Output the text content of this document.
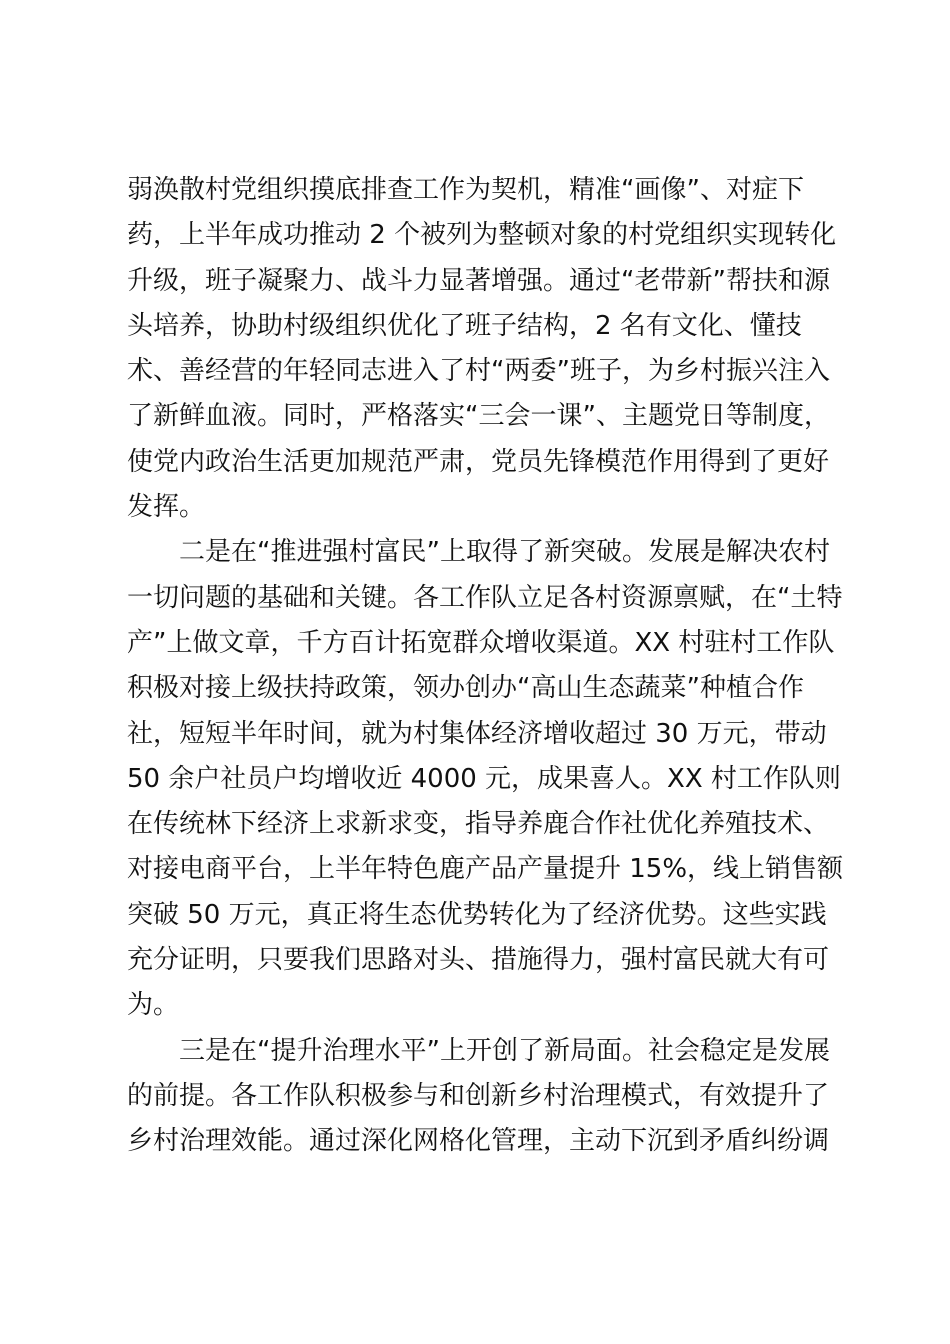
弱涣散村党组织摸底排查工作为契机，精准“画像”、对症下
药，上半年成功推动 2 个被列为整顿对象的村党组织实现转化
升级，班子凝聚力、战斗力显著增强。通过“老带新”帮扶和源
头培养，协助村级组织优化了班子结构，2 名有文化、懂技
术、善经营的年轻同志进入了村“两委”班子，为乡村振兴注入
了新鲜血液。同时，严格落实“三会一课”、主题党日等制度，
使党内政治生活更加规范严肃，党员先锋模范作用得到了更好
发挥。
　　二是在“推进强村富民”上取得了新突破。发展是解决农村
一切问题的基础和关键。各工作队立足各村资源禀赋，在“土特
产”上做文章，千方百计拓宽群众增收渠道。XX 村驻村工作队
积极对接上级扶持政策，领办创办“高山生态蔬菜”种植合作
社，短短半年时间，就为村集体经济增收超过 30 万元，带动
50 余户社员户均增收近 4000 元，成果喜人。XX 村工作队则
在传统林下经济上求新求变，指导养鹿合作社优化养殖技术、
对接电商平台，上半年特色鹿产品产量提升 15%，线上销售额
突破 50 万元，真正将生态优势转化为了经济优势。这些实践
充分证明，只要我们思路对头、措施得力，强村富民就大有可
为。
　　三是在“提升治理水平”上开创了新局面。社会稳定是发展
的前提。各工作队积极参与和创新乡村治理模式，有效提升了
乡村治理效能。通过深化网格化管理，主动下沉到矛盾纠纷调
